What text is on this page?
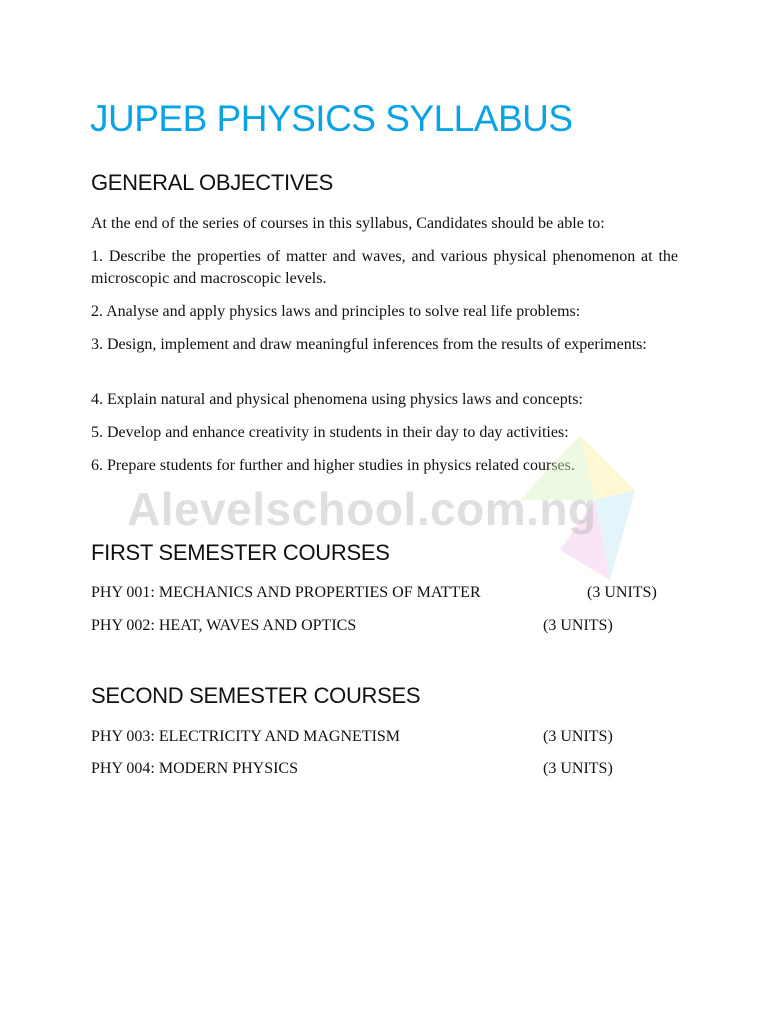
JUPEB PHYSICS SYLLABUS
GENERAL OBJECTIVES

At the end of the series of courses in this syllabus, Candidates should be able to:

1. Describe the properties of matter and waves, and various physical phenomenon at the microscopic and macroscopic levels.

2. Analyse and apply physics laws and principles to solve real life problems:

3. Design, implement and draw meaningful inferences from the results of experiments:

4. Explain natural and physical phenomena using physics laws and concepts:

5. Develop and enhance creativity in students in their day to day activities:

6. Prepare students for further and higher studies in physics related courses.

Alevelschool.com.ng
FIRST SEMESTER COURSES
PHY 001: MECHANICS AND PROPERTIES OF MATTER	(3 UNITS)
PHY 002: HEAT, WAVES AND OPTICS	(3 UNITS)
SECOND SEMESTER COURSES
PHY 003: ELECTRICITY AND MAGNETISM	(3 UNITS)
PHY 004: MODERN PHYSICS	(3 UNITS)
